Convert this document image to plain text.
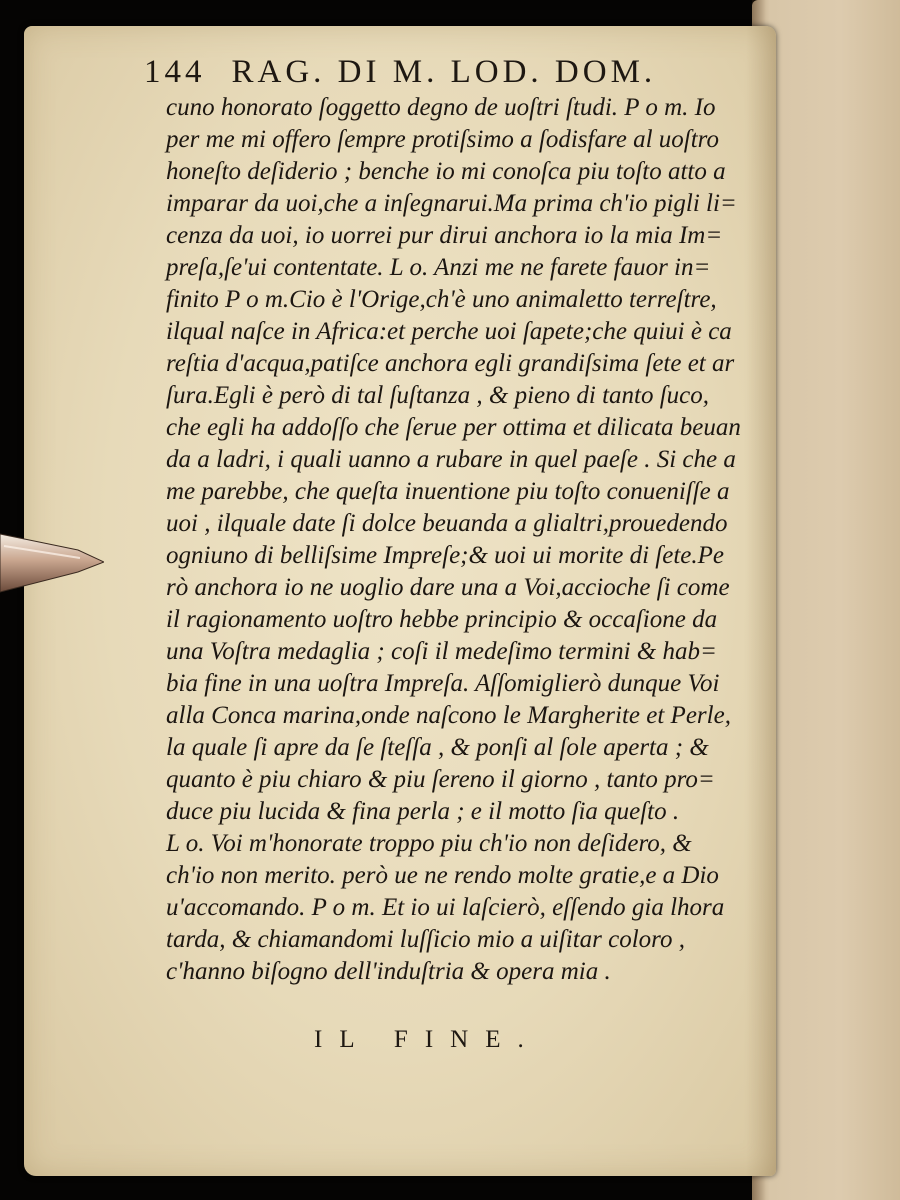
144 RAG. DI M. LOD. DOM.
cuno honorato ſoggetto degno de uoſtri ſtudi. P o m. Io
per me mi offero ſempre protiſsimo a ſodisfare al uoſtro
honeſto deſiderio ; benche io mi conoſca piu toſto atto a
imparar da uoi,che a inſegnarui.Ma prima ch'io pigli li=
cenza da uoi, io uorrei pur dirui anchora io la mia Im=
preſa,ſe'ui contentate. L o. Anzi me ne farete fauor in=
finito P o m.Cio è l'Orige,ch'è uno animaletto terreſtre,
ilqual naſce in Africa:et perche uoi ſapete;che quiui è ca
reſtia d'acqua,patiſce anchora egli grandiſsima ſete et ar
ſura.Egli è però di tal ſuſtanza , & pieno di tanto ſuco,
che egli ha addoſſo che ſerue per ottima et dilicata beuan
da a ladri, i quali uanno a rubare in quel paeſe . Si che a
me parebbe, che queſta inuentione piu toſto conueniſſe a
uoi , ilquale date ſi dolce beuanda a glialtri,prouedendo
ogniuno di belliſsime Impreſe;& uoi ui morite di ſete.Pe
rò anchora io ne uoglio dare una a Voi,accioche ſi come
il ragionamento uoſtro hebbe principio & occaſione da
una Voſtra medaglia ; coſi il medeſimo termini & hab=
bia fine in una uoſtra Impreſa. Aſſomiglierò dunque Voi
alla Conca marina,onde naſcono le Margherite et Perle,
la quale ſi apre da ſe ſteſſa , & ponſi al ſole aperta ; &
quanto è piu chiaro & piu ſereno il giorno , tanto pro=
duce piu lucida & fina perla ; e il motto ſia queſto .
L o. Voi m'honorate troppo piu ch'io non deſidero, &
ch'io non merito. però ue ne rendo molte gratie,e a Dio
u'accomando. P o m. Et io ui laſcierò, eſſendo gia lhora
tarda, & chiamandomi luſſicio mio a uiſitar coloro ,
c'hanno biſogno dell'induſtria & opera mia .
IL FINE.
